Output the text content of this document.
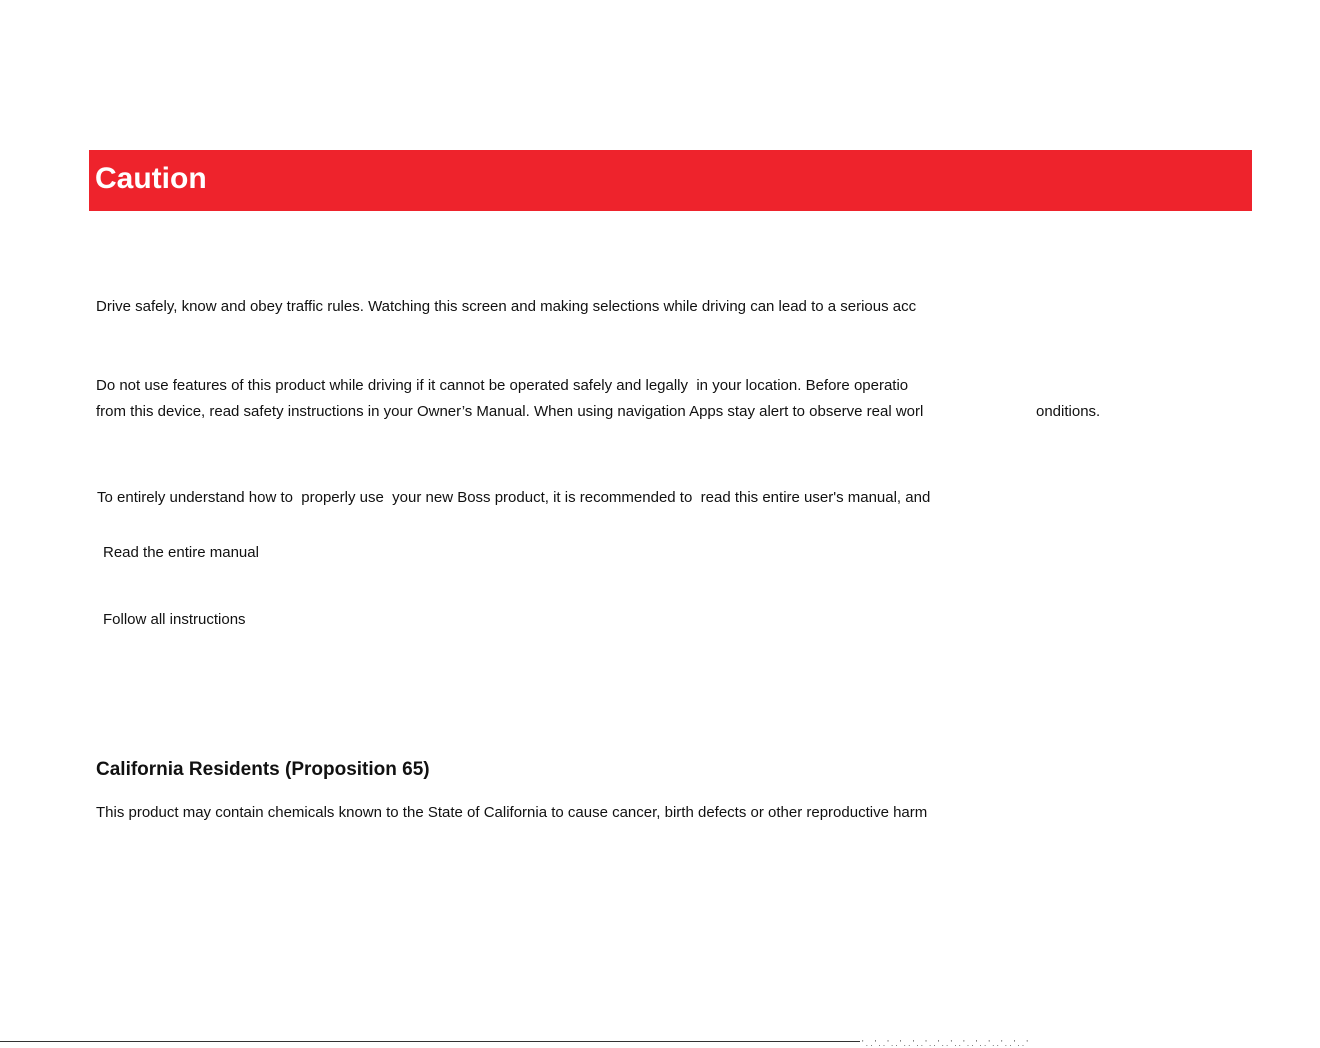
Caution
Drive safely, know and obey traffic rules. Watching this screen and making selections while driving can lead to a serious acc
Do not use features of this product while driving if it cannot be operated safely and legally  in your location. Before operatio
from this device, read safety instructions in your Owner’s Manual. When using navigation Apps stay alert to observe real worl	onditions.
To entirely understand how to  properly use  your new Boss product, it is recommended to  read this entire user's manual, and
Read the entire manual
Follow all instructions
California Residents (Proposition 65)
This product may contain chemicals known to the State of California to cause cancer, birth defects or other reproductive harm
' . . ' . . ' . . ' . . ' . . ' . . ' . . ' . . ' . . ' . . ' . . ' . . ' . . '
